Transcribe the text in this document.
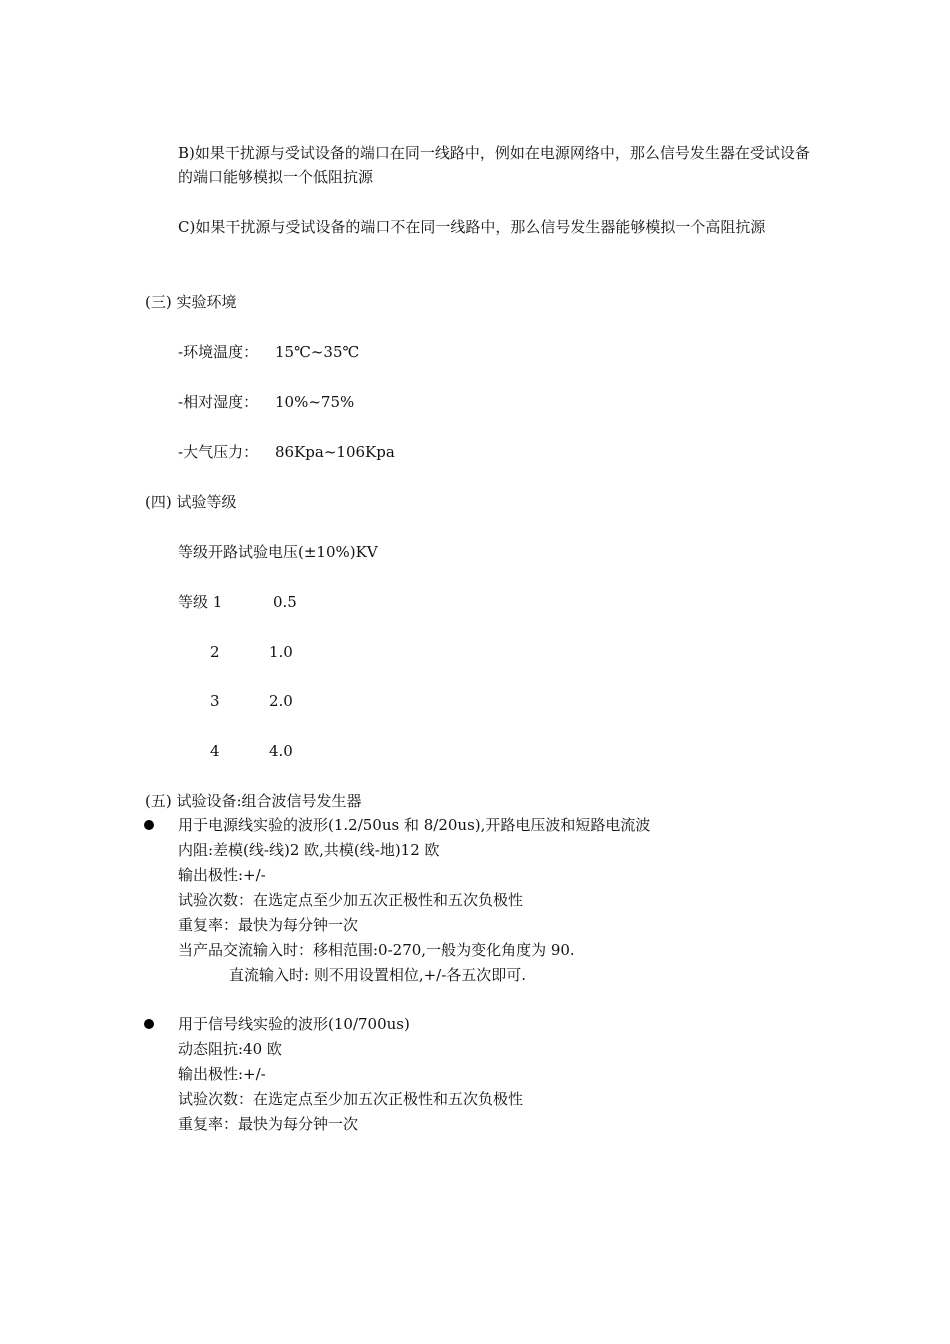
B)如果干扰源与受试设备的端口在同一线路中，例如在电源网络中，那么信号发生器在受试设备的端口能够模拟一个低阻抗源
C)如果干扰源与受试设备的端口不在同一线路中，那么信号发生器能够模拟一个高阻抗源
(三) 实验环境
-环境温度： 15℃~35℃
-相对湿度： 10%~75%
-大气压力： 86Kpa~106Kpa
(四) 试验等级
等级开路试验电压(±10%)KV
等级 1	0.5
2	1.0
3	2.0
4	4.0
(五) 试验设备:组合波信号发生器
用于电源线实验的波形(1.2/50us 和 8/20us),开路电压波和短路电流波
内阻:差模(线-线)2 欧,共模(线-地)12 欧
输出极性:+/-
试验次数：在选定点至少加五次正极性和五次负极性
重复率：最快为每分钟一次
当产品交流输入时：移相范围:0-270,一般为变化角度为 90.
直流输入时: 则不用设置相位,+/-各五次即可.
用于信号线实验的波形(10/700us)
动态阻抗:40 欧
输出极性:+/-
试验次数：在选定点至少加五次正极性和五次负极性
重复率：最快为每分钟一次
